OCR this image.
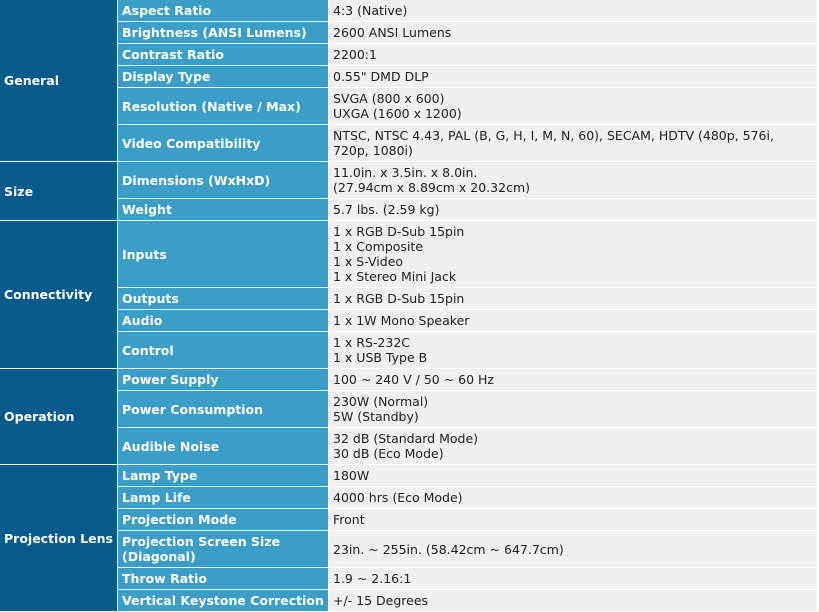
General	Aspect Ratio	4:3 (Native)

	Brightness (ANSI Lumens)	2600 ANSI Lumens

	Contrast Ratio	2200:1

	Display Type	0.55" DMD DLP

	Resolution (Native / Max)	SVGA (800 x 600)
UXGA (1600 x 1200)

	Video Compatibility	NTSC, NTSC 4.43, PAL (B, G, H, I, M, N, 60), SECAM, HDTV (480p, 576i,
720p, 1080i)

Size	Dimensions (WxHxD)	11.0in. x 3.5in. x 8.0in.
(27.94cm x 8.89cm x 20.32cm)

	Weight	5.7 lbs. (2.59 kg)

Connectivity	Inputs	1 x RGB D-Sub 15pin
1 x Composite
1 x S-Video
1 x Stereo Mini Jack

	Outputs	1 x RGB D-Sub 15pin

	Audio	1 x 1W Mono Speaker

	Control	1 x RS-232C
1 x USB Type B

Operation	Power Supply	100 ~ 240 V / 50 ~ 60 Hz

	Power Consumption	230W (Normal)
5W (Standby)

	Audible Noise	32 dB (Standard Mode)
30 dB (Eco Mode)

Projection Lens	Lamp Type	180W

	Lamp Life	4000 hrs (Eco Mode)

	Projection Mode	Front

	Projection Screen Size
(Diagonal)	23in. ~ 255in. (58.42cm ~ 647.7cm)

	Throw Ratio	1.9 ~ 2.16:1

	Vertical Keystone Correction	+/- 15 Degrees
